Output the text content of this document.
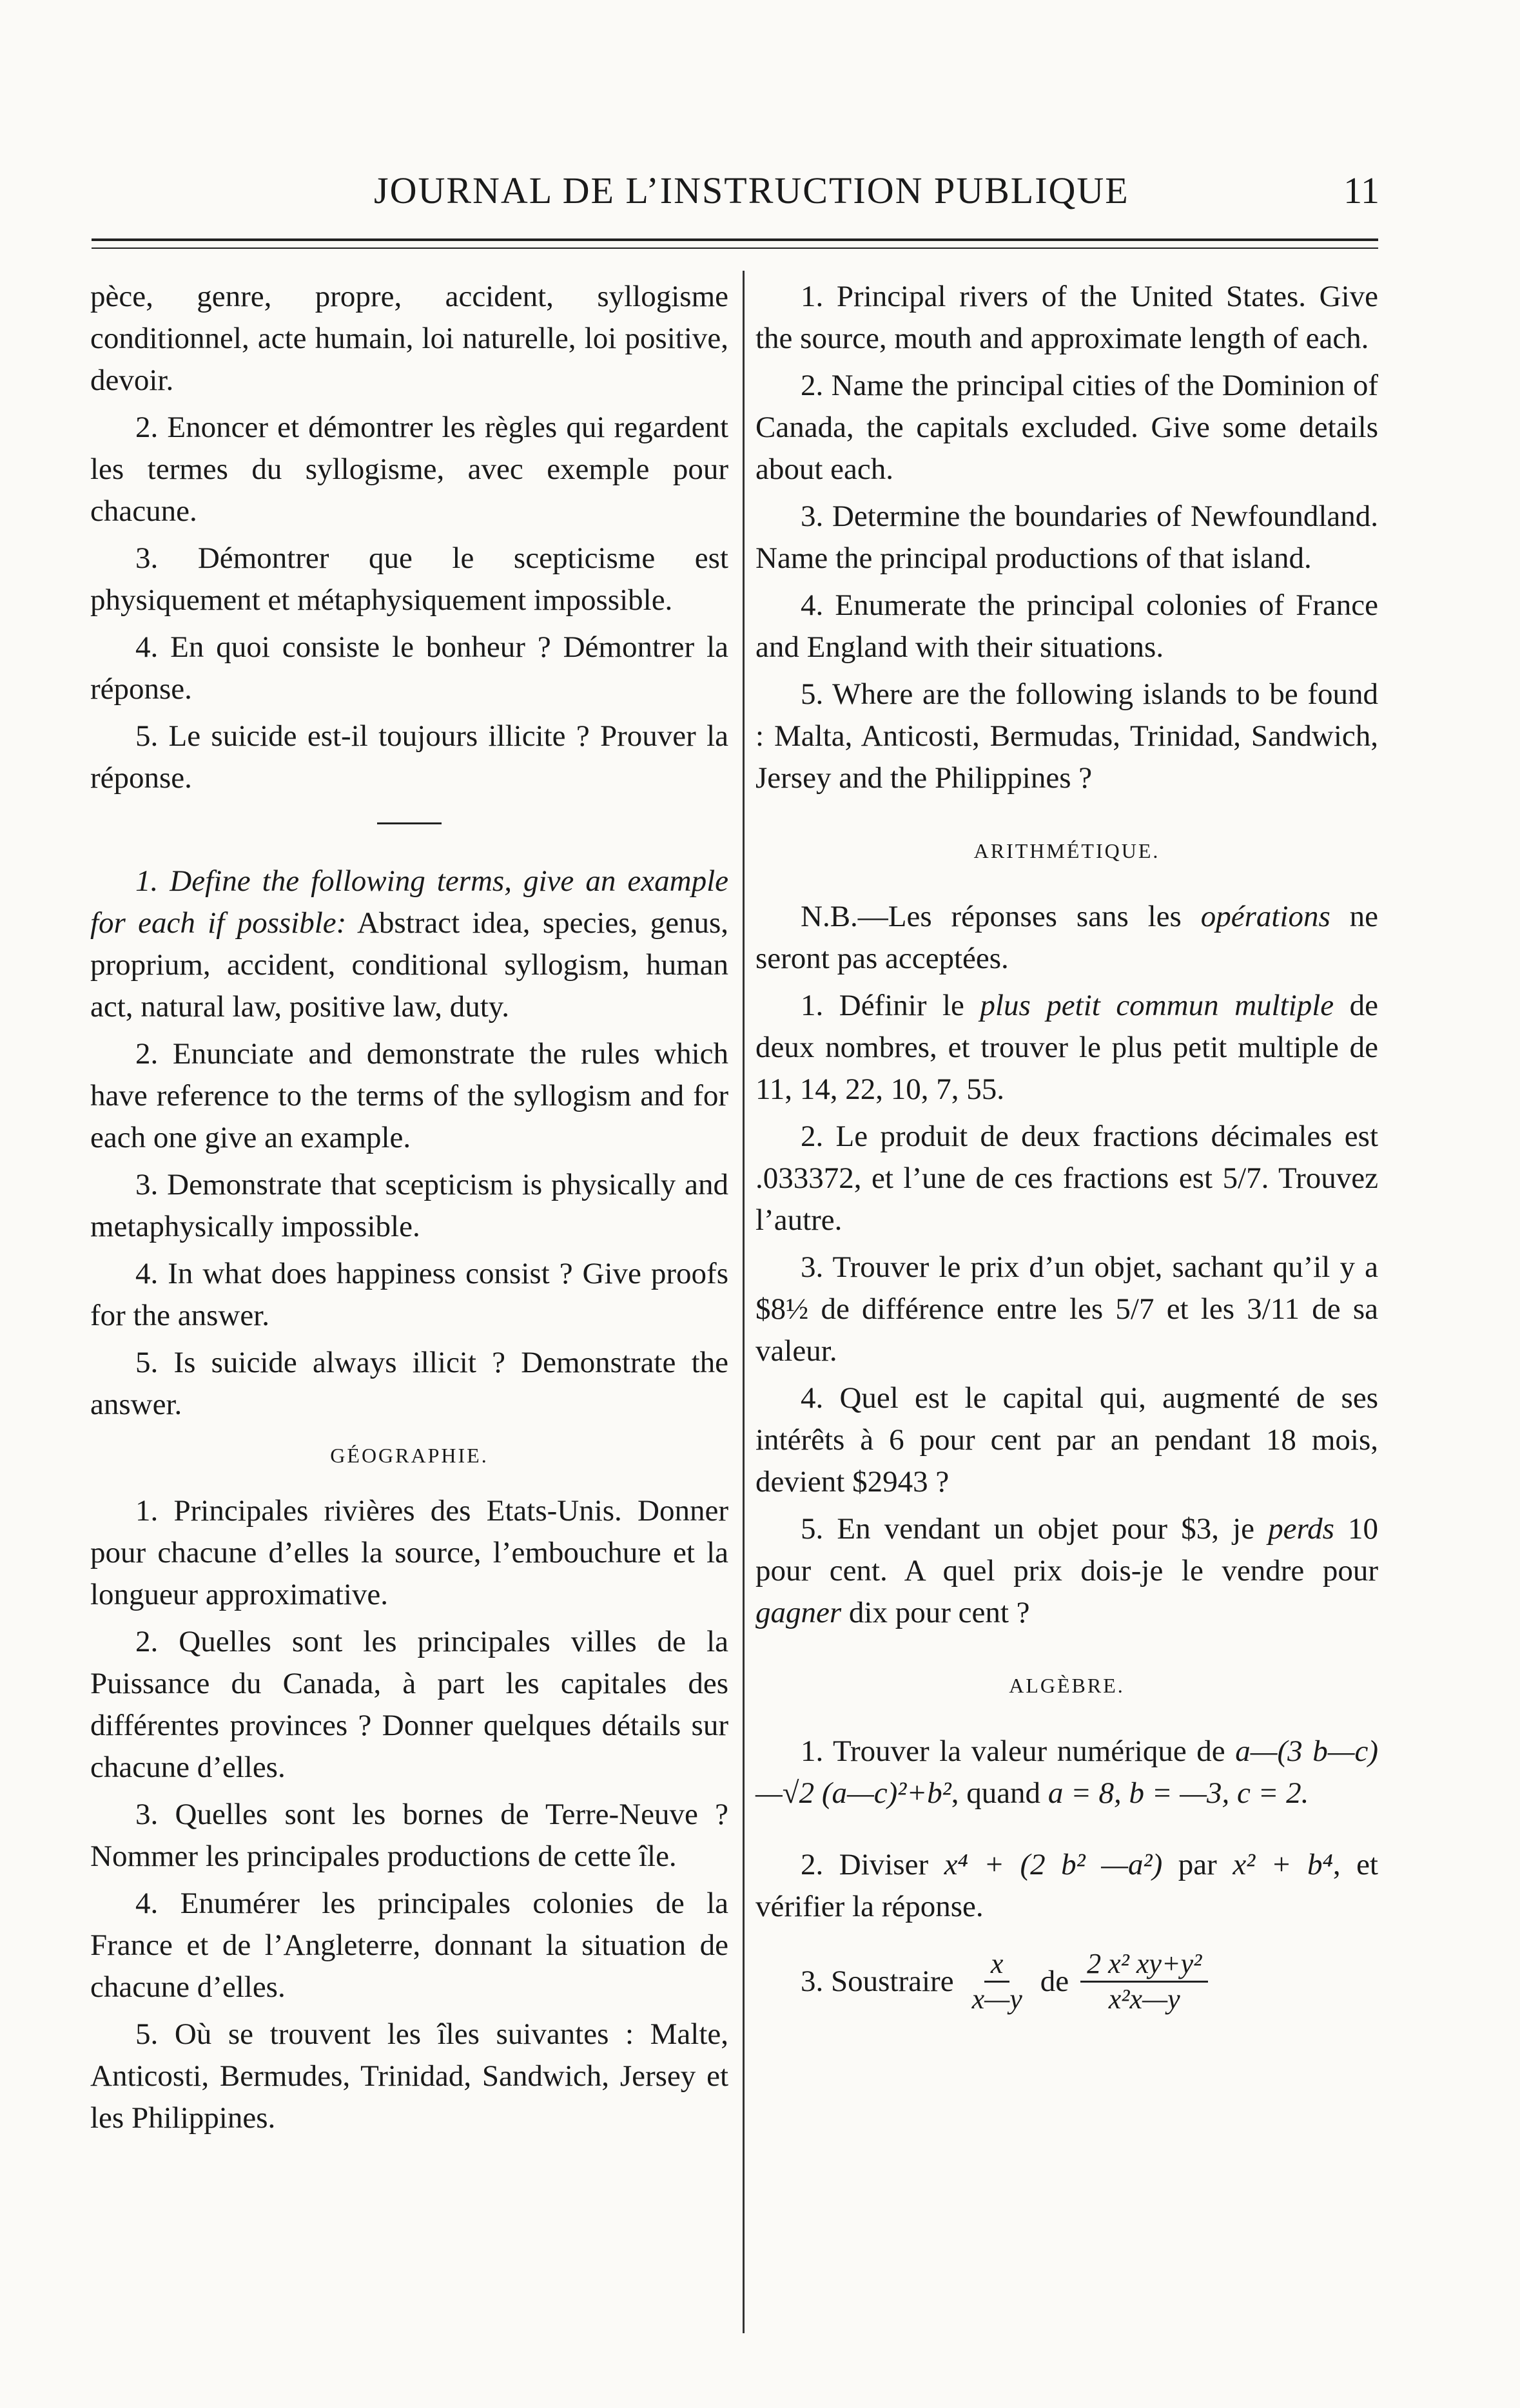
JOURNAL DE L’INSTRUCTION PUBLIQUE	11

pèce, genre, propre, accident, syllogisme conditionnel, acte humain, loi naturelle, loi positive, devoir.

2. Enoncer et démontrer les règles qui regardent les termes du syllogisme, avec exemple pour chacune.

3. Démontrer que le scepticisme est physiquement et métaphysiquement impossible.

4. En quoi consiste le bonheur ? Démontrer la réponse.

5. Le suicide est-il toujours illicite ? Prouver la réponse.

1. Define the following terms, give an example for each if possible: Abstract idea, species, genus, proprium, accident, conditional syllogism, human act, natural law, positive law, duty.

2. Enunciate and demonstrate the rules which have reference to the terms of the syllogism and for each one give an example.

3. Demonstrate that scepticism is physically and metaphysically impossible.

4. In what does happiness consist ? Give proofs for the answer.

5. Is suicide always illicit ? Demonstrate the answer.

GÉOGRAPHIE.

1. Principales rivières des Etats-Unis. Donner pour chacune d’elles la source, l’embouchure et la longueur approximative.

2. Quelles sont les principales villes de la Puissance du Canada, à part les capitales des différentes provinces ? Donner quelques détails sur chacune d’elles.

3. Quelles sont les bornes de Terre-Neuve ? Nommer les principales productions de cette île.

4. Enumérer les principales colonies de la France et de l’Angleterre, donnant la situation de chacune d’elles.

5. Où se trouvent les îles suivantes : Malte, Anticosti, Bermudes, Trinidad, Sandwich, Jersey et les Philippines.

1. Principal rivers of the United States. Give the source, mouth and approximate length of each.

2. Name the principal cities of the Dominion of Canada, the capitals excluded. Give some details about each.

3. Determine the boundaries of Newfoundland. Name the principal productions of that island.

4. Enumerate the principal colonies of France and England with their situations.

5. Where are the following islands to be found : Malta, Anticosti, Bermudas, Trinidad, Sandwich, Jersey and the Philippines ?

ARITHMÉTIQUE.

N.B.—Les réponses sans les opérations ne seront pas acceptées.

1. Définir le plus petit commun multiple de deux nombres, et trouver le plus petit multiple de 11, 14, 22, 10, 7, 55.

2. Le produit de deux fractions décimales est .033372, et l’une de ces fractions est 5/7. Trouvez l’autre.

3. Trouver le prix d’un objet, sachant qu’il y a $8½ de différence entre les 5/7 et les 3/11 de sa valeur.

4. Quel est le capital qui, augmenté de ses intérêts à 6 pour cent par an pendant 18 mois, devient $2943 ?

5. En vendant un objet pour $3, je perds 10 pour cent. A quel prix dois-je le vendre pour gagner dix pour cent ?

ALGÈBRE.

1. Trouver la valeur numérique de a—(3 b—c)—√2 (a—c)²+b², quand a = 8, b = —3, c = 2.

2. Diviser x⁴ + (2 b² —a²) par x² + b⁴, et vérifier la réponse.

3. Soustraire $\frac{x}{x—y}$ de $\frac{\text{2 x² xy+y²}}{\text{x²x—y}}$
